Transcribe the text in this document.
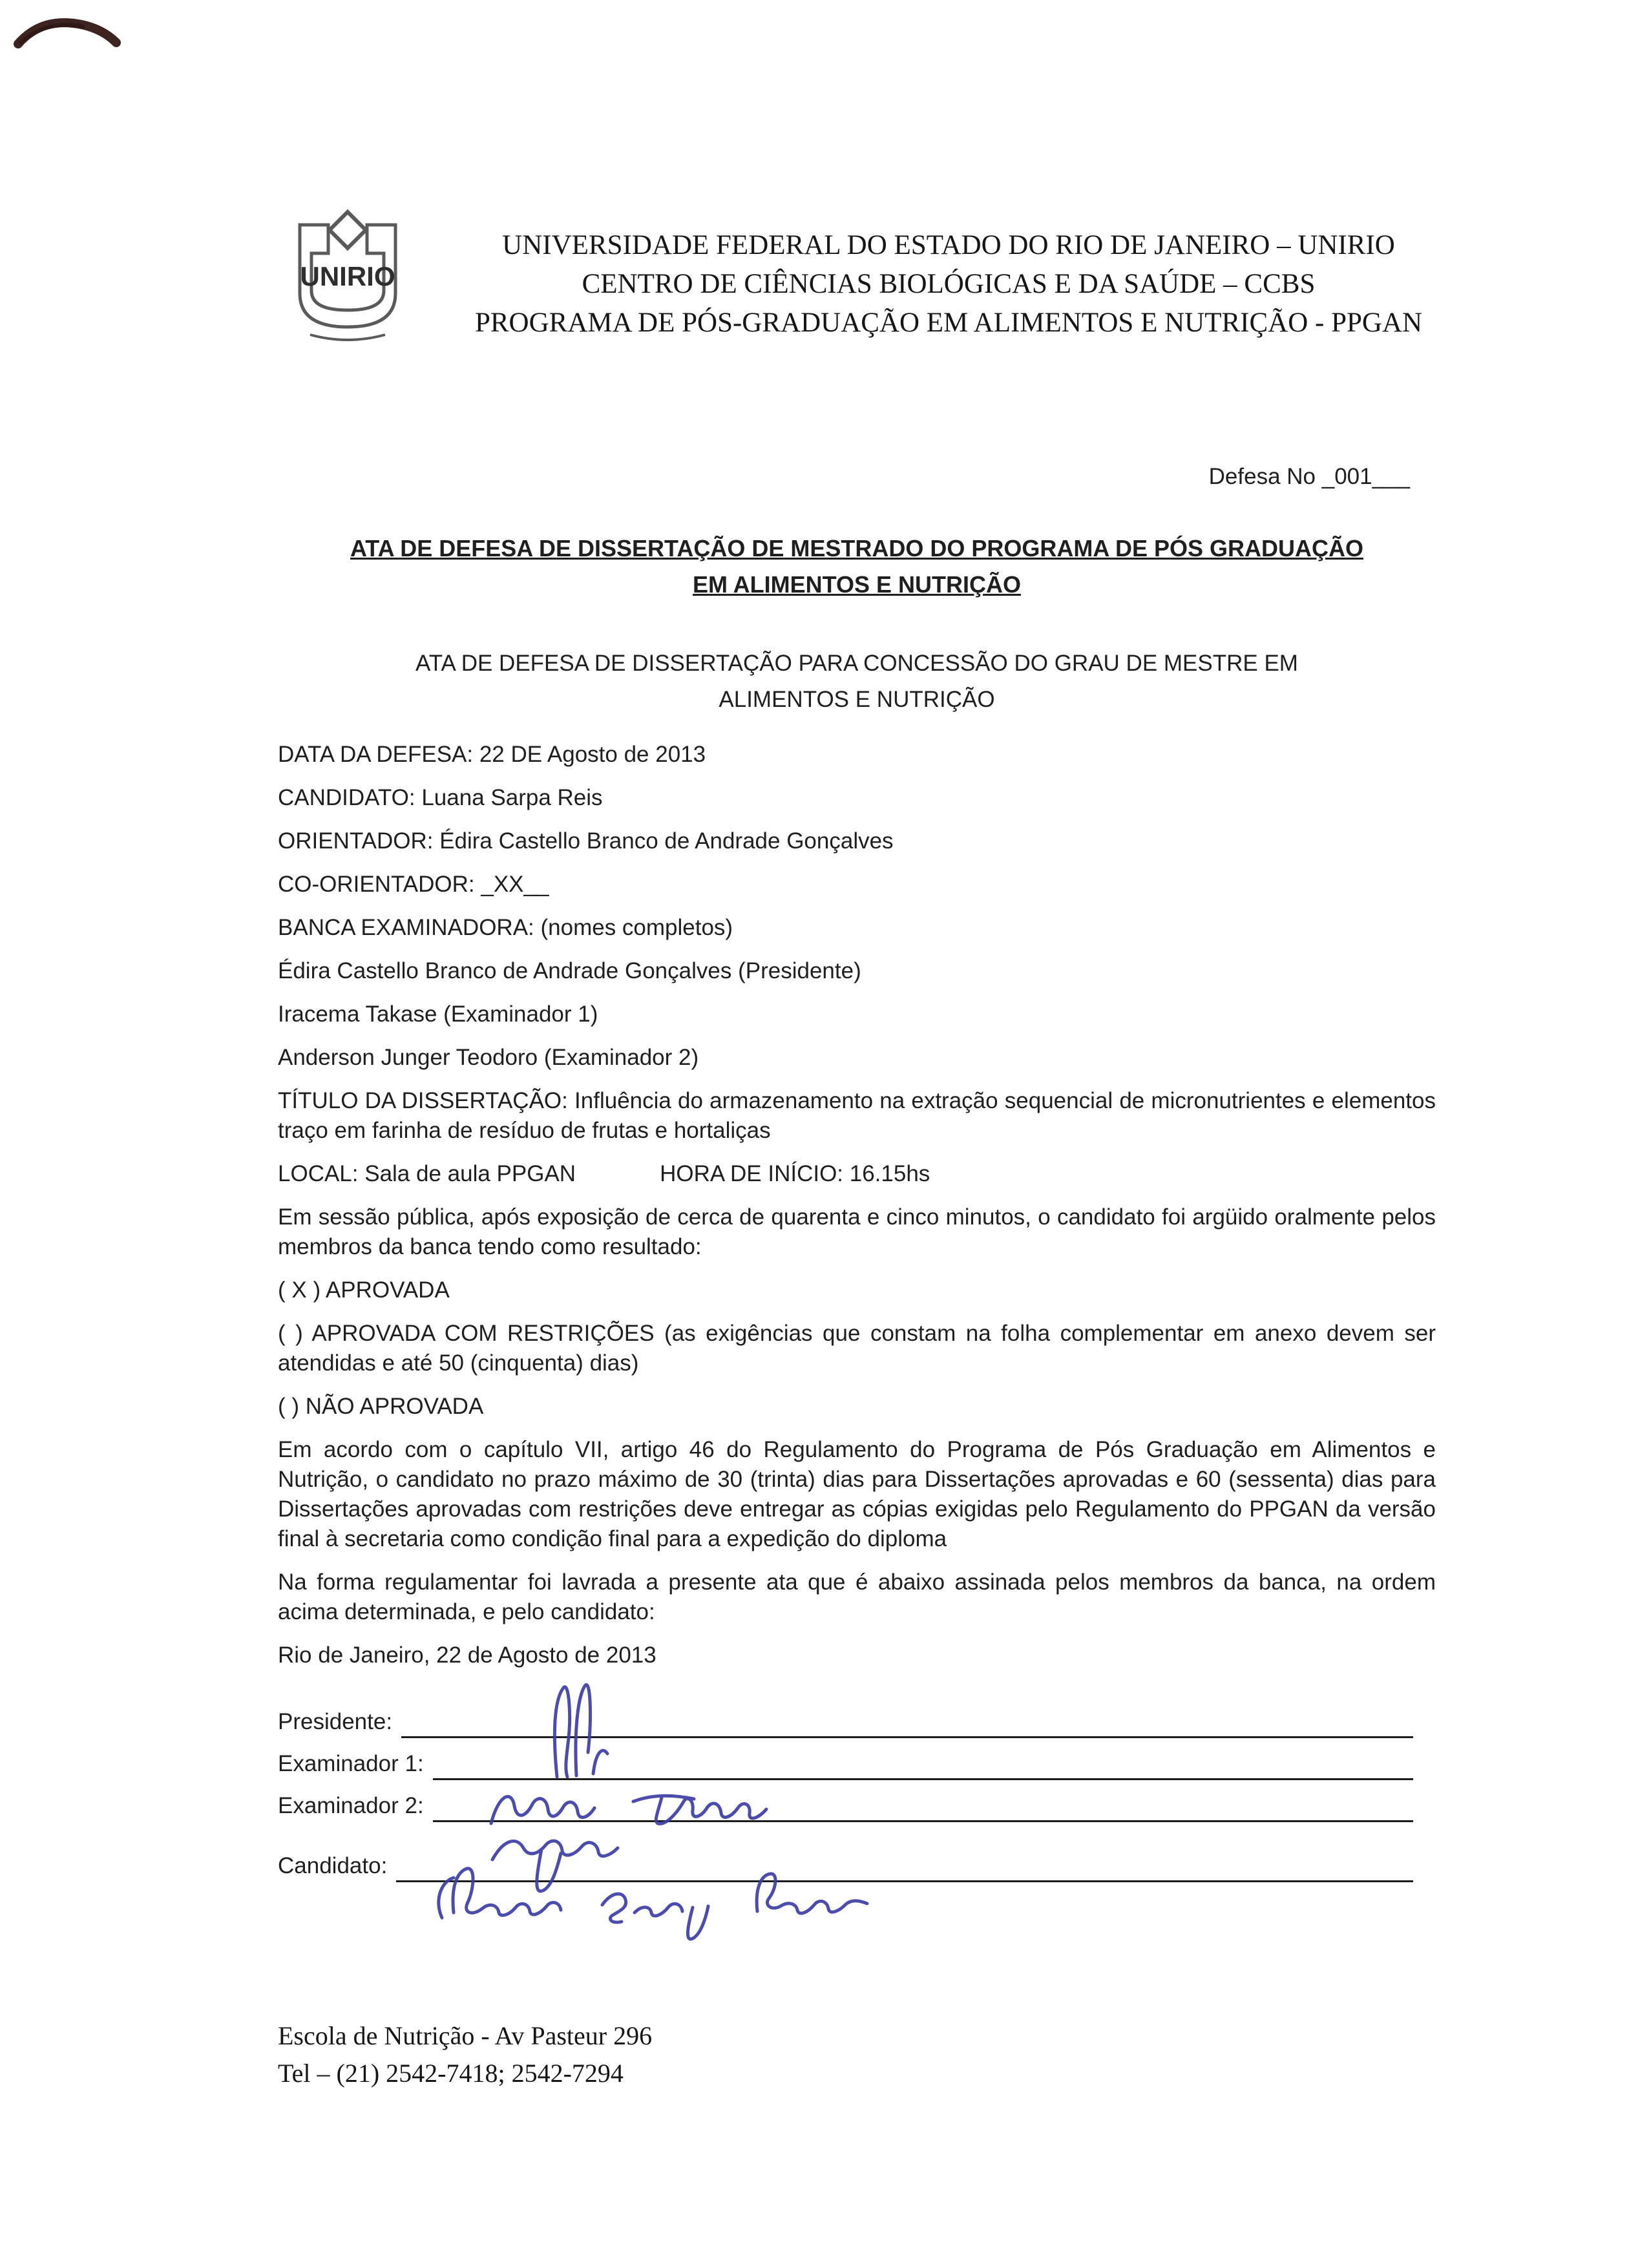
UNIRIO
UNIVERSIDADE FEDERAL DO ESTADO DO RIO DE JANEIRO – UNIRIO
CENTRO DE CIÊNCIAS BIOLÓGICAS E DA SAÚDE – CCBS
PROGRAMA DE PÓS-GRADUAÇÃO EM ALIMENTOS E NUTRIÇÃO - PPGAN
Defesa No _001___
ATA DE DEFESA DE DISSERTAÇÃO DE MESTRADO DO PROGRAMA DE PÓS GRADUAÇÃO
EM ALIMENTOS E NUTRIÇÃO
ATA DE DEFESA DE DISSERTAÇÃO PARA CONCESSÃO DO GRAU DE MESTRE EM
ALIMENTOS E NUTRIÇÃO
DATA DA DEFESA: 22 DE Agosto de 2013
CANDIDATO: Luana Sarpa Reis
ORIENTADOR: Édira Castello Branco de Andrade Gonçalves
CO-ORIENTADOR: _XX__
BANCA EXAMINADORA: (nomes completos)
Édira Castello Branco de Andrade Gonçalves (Presidente)
Iracema Takase (Examinador 1)
Anderson Junger Teodoro (Examinador 2)
TÍTULO DA DISSERTAÇÃO: Influência do armazenamento na extração sequencial de micronutrientes e elementos traço em farinha de resíduo de frutas e hortaliças
LOCAL: Sala de aula PPGAN	HORA DE INÍCIO: 16.15hs
Em sessão pública, após exposição de cerca de quarenta e cinco minutos, o candidato foi argüido oralmente pelos membros da banca tendo como resultado:
( X ) APROVADA
( ) APROVADA COM RESTRIÇÕES (as exigências que constam na folha complementar em anexo devem ser atendidas e até 50 (cinquenta) dias)
( ) NÃO APROVADA
Em acordo com o capítulo VII, artigo 46 do Regulamento do Programa de Pós Graduação em Alimentos e Nutrição, o candidato no prazo máximo de 30 (trinta) dias para Dissertações aprovadas e 60 (sessenta) dias para Dissertações aprovadas com restrições deve entregar as cópias exigidas pelo Regulamento do PPGAN da versão final à secretaria como condição final para a expedição do diploma
Na forma regulamentar foi lavrada a presente ata que é abaixo assinada pelos membros da banca, na ordem acima determinada, e pelo candidato:
Rio de Janeiro, 22 de Agosto de 2013
Presidente:
Examinador 1:
Examinador 2:
Candidato:
Escola de Nutrição - Av Pasteur 296
Tel – (21) 2542-7418; 2542-7294
